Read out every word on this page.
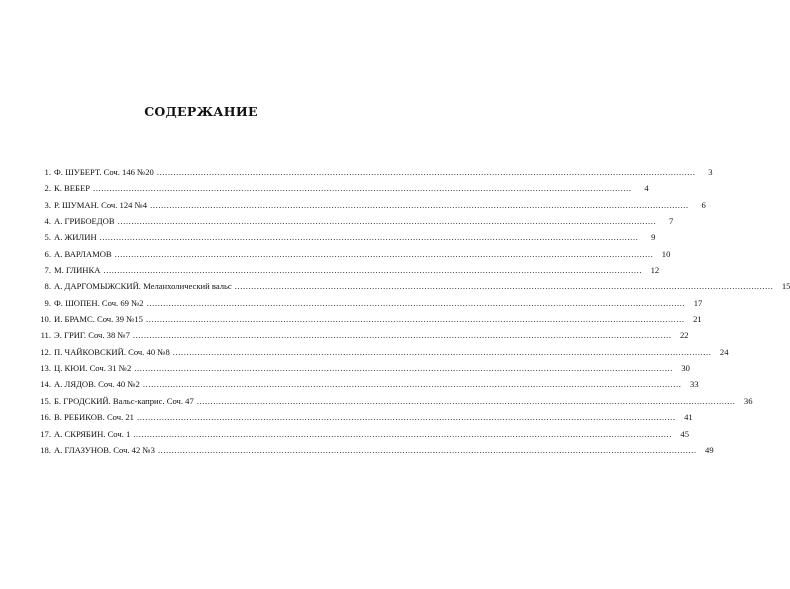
СОДЕРЖАНИЕ
1. Ф. ШУБЕРТ. Соч. 146 №20 .....	3
2. К. ВЕБЕР .....	4
3. Р. ШУМАН. Соч. 124 №4 .....	6
4. А. ГРИБОЕДОВ .....	7
5. А. ЖИЛИН .....	9
6. А. ВАРЛАМОВ .....	10
7. М. ГЛИНКА .....	12
8. А. ДАРГОМЫЖСКИЙ. Меланхолический вальс .....	15
9. Ф. ШОПЕН. Соч. 69 №2 .....	17
10. И. БРАМС. Соч. 39 №15 .....	21
11. Э. ГРИГ. Соч. 38 №7 .....	22
12. П. ЧАЙКОВСКИЙ. Соч. 40 №8 .....	24
13. Ц. КЮИ. Соч. 31 №2 .....	30
14. А. ЛЯДОВ. Соч. 40 №2 .....	33
15. Б. ГРОДСКИЙ. Вальс-каприс. Соч. 47 .....	36
16. В. РЕБИКОВ. Соч. 21 .....	41
17. А. СКРЯБИН. Соч. 1 .....	45
18. А. ГЛАЗУНОВ. Соч. 42 №3 .....	49
